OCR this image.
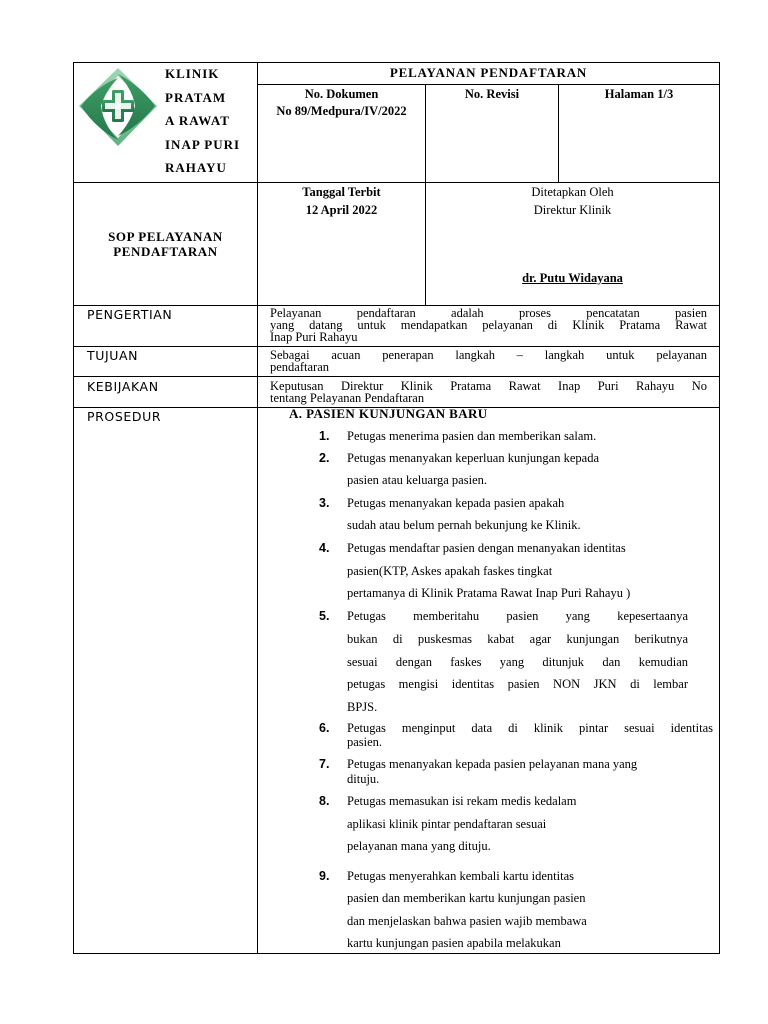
KLINIK
PRATAM
A RAWAT
INAP PURI
RAHAYU
PELAYANAN PENDAFTARAN
No. Dokumen
No 89/Medpura/IV/2022
No. Revisi	Halaman 1/3
SOP PELAYANAN
PENDAFTARAN
Tanggal Terbit
12 April 2022
Ditetapkan Oleh
Direktur Klinik
dr. Putu Widayana
PENGERTIAN
TUJUAN
KEBIJAKAN
PROSEDUR
Pelayanan pendaftaran adalah proses pencatatan pasien
yang datang untuk mendapatkan pelayanan di Klinik Pratama Rawat
Inap Puri Rahayu
Sebagai acuan penerapan langkah – langkah untuk pelayanan
pendaftaran
Keputusan Direktur Klinik Pratama Rawat Inap Puri Rahayu No
tentang Pelayanan Pendaftaran
A. PASIEN KUNJUNGAN BARU
1. Petugas menerima pasien dan memberikan salam.
2. Petugas menanyakan keperluan kunjungan kepada
pasien atau keluarga pasien.
3. Petugas menanyakan kepada pasien apakah
sudah atau belum pernah bekunjung ke Klinik.
4. Petugas mendaftar pasien dengan menanyakan identitas
pasien(KTP, Askes apakah faskes tingkat
pertamanya di Klinik Pratama Rawat Inap Puri Rahayu )
5. Petugas memberitahu pasien yang kepesertaanya
bukan di puskesmas kabat agar kunjungan berikutnya
sesuai dengan faskes yang ditunjuk dan kemudian
petugas mengisi identitas pasien NON JKN di lembar
BPJS.
6. Petugas menginput data di klinik pintar sesuai identitas
pasien.
7. Petugas menanyakan kepada pasien pelayanan mana yang
dituju.
8. Petugas memasukan isi rekam medis kedalam
aplikasi klinik pintar pendaftaran sesuai
pelayanan mana yang dituju.
9. Petugas menyerahkan kembali kartu identitas
pasien dan memberikan kartu kunjungan pasien
dan menjelaskan bahwa pasien wajib membawa
kartu kunjungan pasien apabila melakukan
